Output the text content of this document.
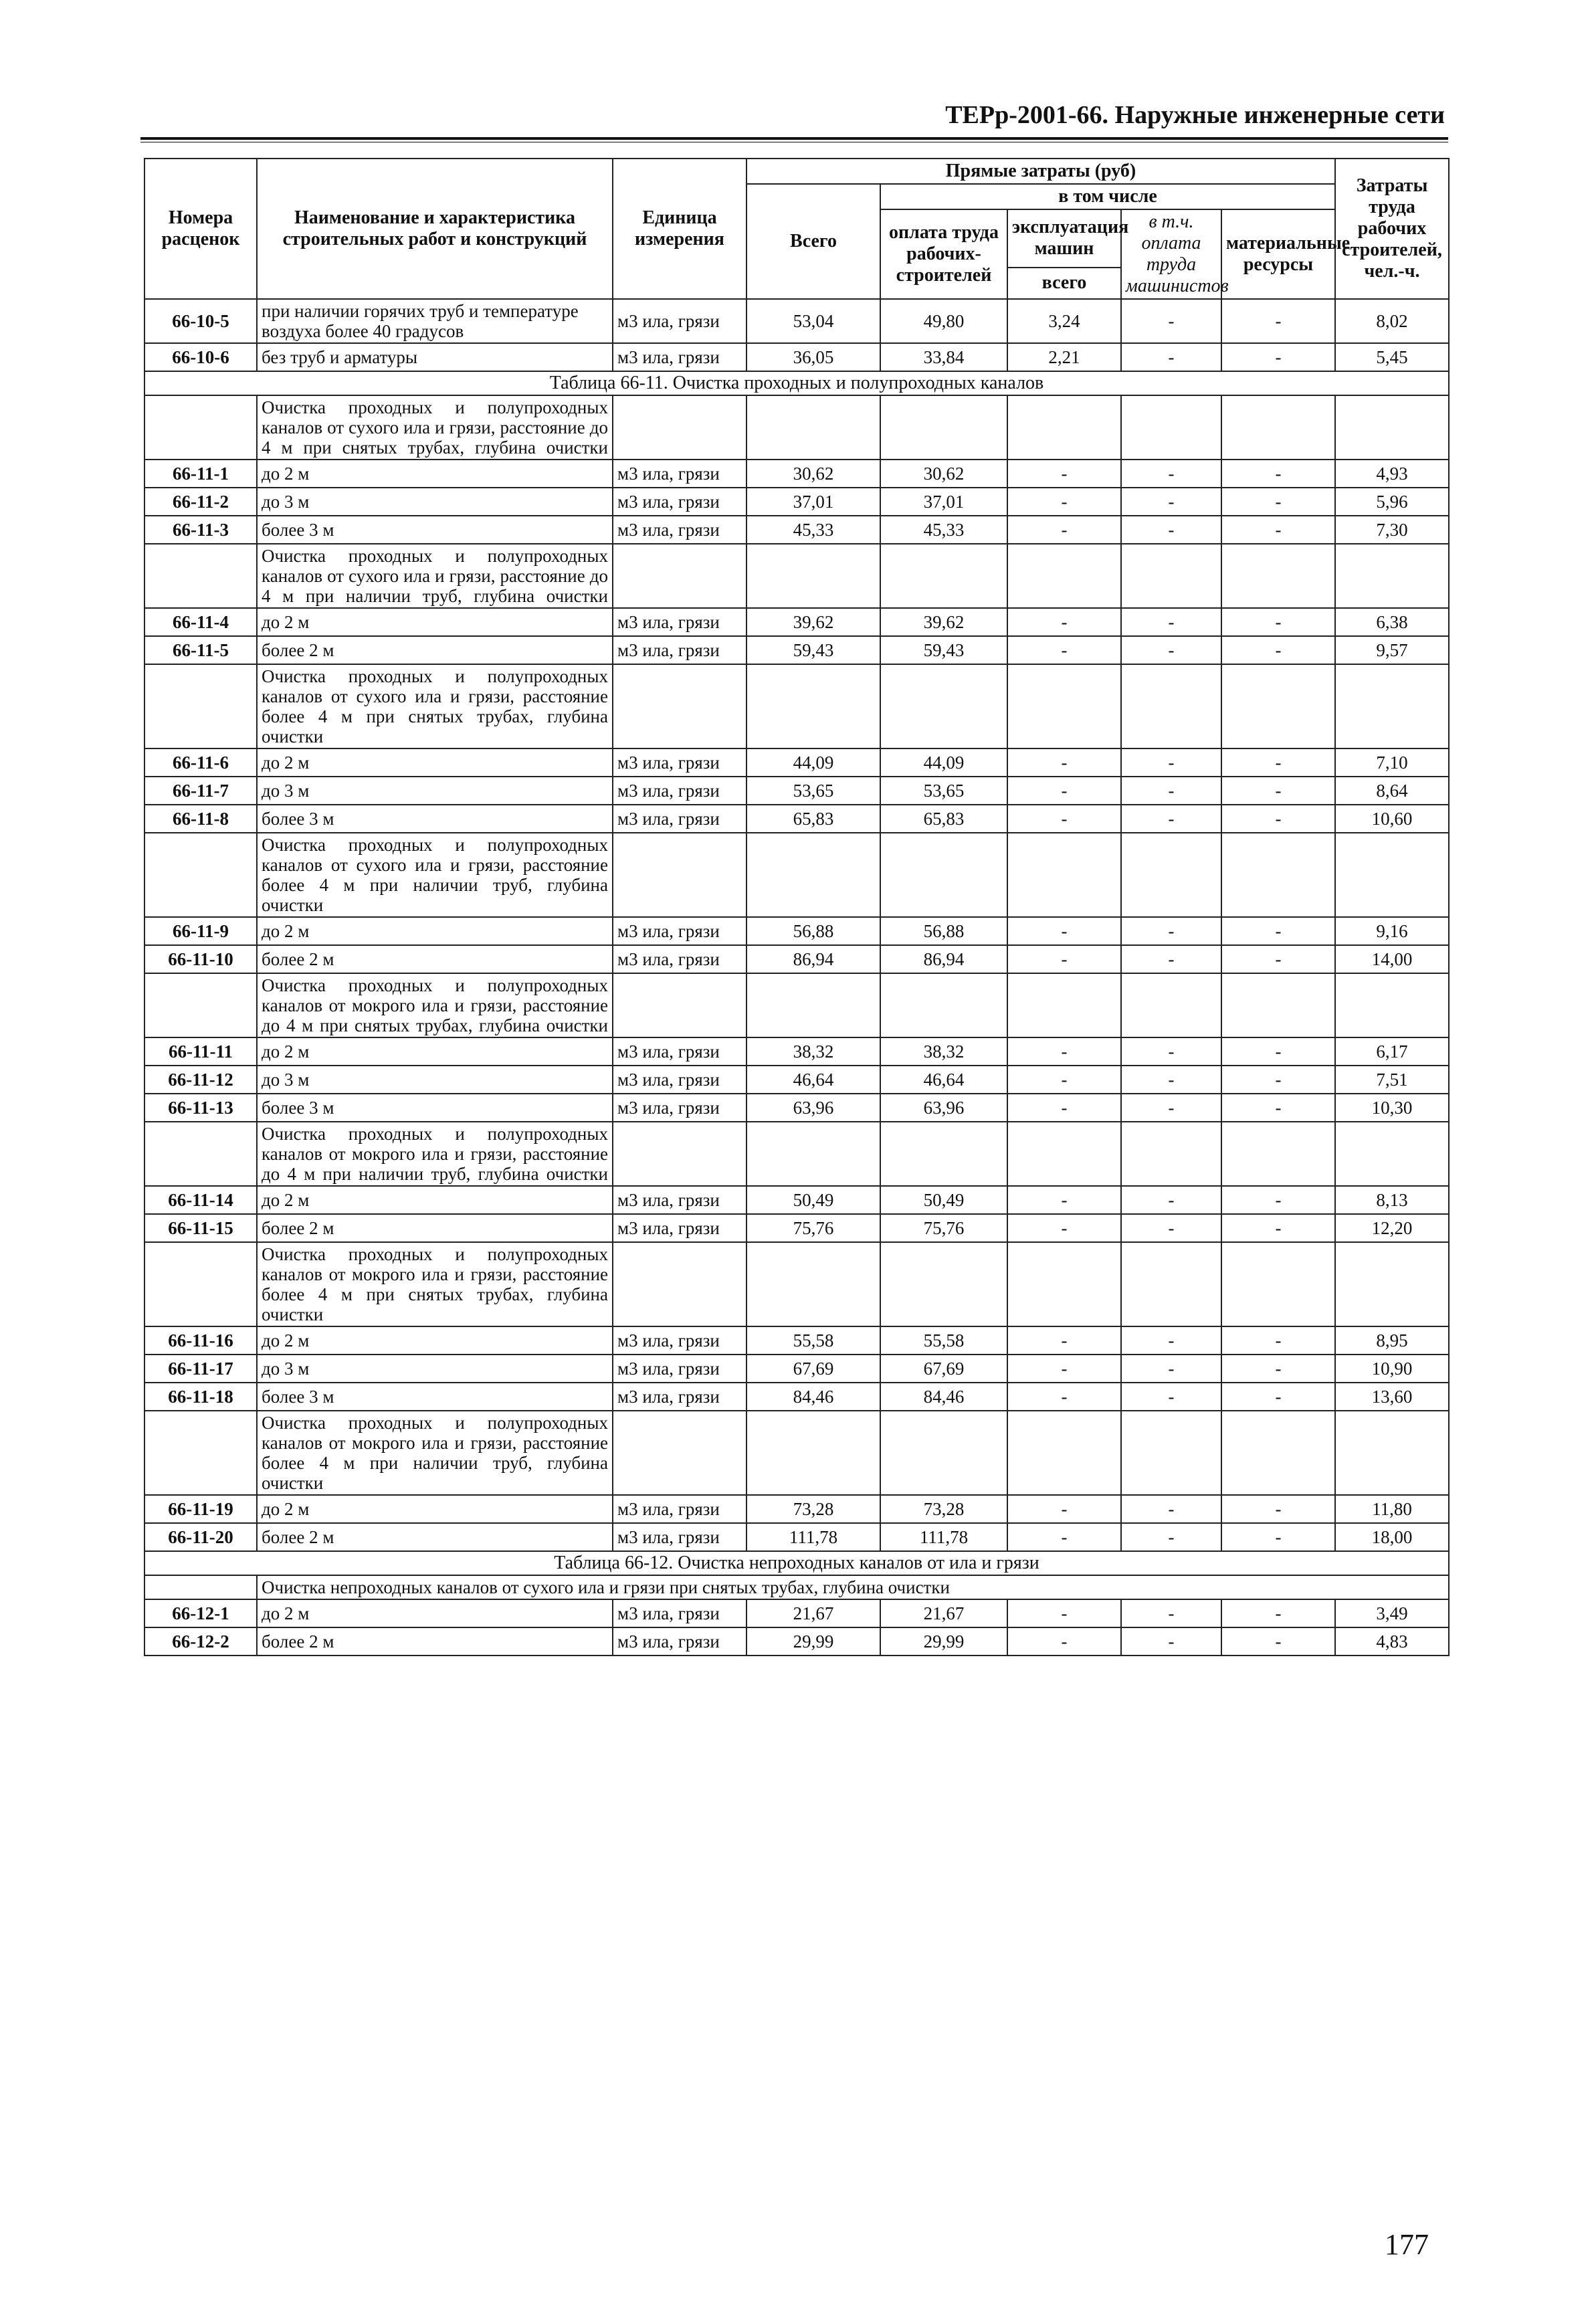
ТЕРр-2001-66. Наружные инженерные сети
Номера расценок	Наименование и характеристика строительных работ и конструкций	Единица измерения	Прямые затраты (руб)					Затраты труда рабочих строителей, чел.-ч.
			Всего	в том числе				
				оплата труда рабочих-строителей	эксплуатация машин	в т.ч. оплата труда машинистов	материальные ресурсы	
					всего			
66-10-5	при наличии горячих труб и температуре воздуха более 40 градусов	м3 ила, грязи	53,04	49,80	3,24	-	-	8,02
66-10-6	без труб и арматуры	м3 ила, грязи	36,05	33,84	2,21	-	-	5,45
Таблица 66-11. Очистка проходных и полупроходных каналов								

	Очистка проходных и полупроходных каналов от сухого ила и грязи, расстояние до 4 м при снятых трубах, глубина очистки							

66-11-1	до 2 м	м3 ила, грязи	30,62	30,62	-	-	-	4,93
66-11-2	до 3 м	м3 ила, грязи	37,01	37,01	-	-	-	5,96
66-11-3	более 3 м	м3 ила, грязи	45,33	45,33	-	-	-	7,30

	Очистка проходных и полупроходных каналов от сухого ила и грязи, расстояние до 4 м при наличии труб, глубина очистки							

66-11-4	до 2 м	м3 ила, грязи	39,62	39,62	-	-	-	6,38
66-11-5	более 2 м	м3 ила, грязи	59,43	59,43	-	-	-	9,57

	Очистка проходных и полупроходных каналов от сухого ила и грязи, расстояние более 4 м при снятых трубах, глубина очистки							

66-11-6	до 2 м	м3 ила, грязи	44,09	44,09	-	-	-	7,10
66-11-7	до 3 м	м3 ила, грязи	53,65	53,65	-	-	-	8,64
66-11-8	более 3 м	м3 ила, грязи	65,83	65,83	-	-	-	10,60

	Очистка проходных и полупроходных каналов от сухого ила и грязи, расстояние более 4 м при наличии труб, глубина очистки							

66-11-9	до 2 м	м3 ила, грязи	56,88	56,88	-	-	-	9,16
66-11-10	более 2 м	м3 ила, грязи	86,94	86,94	-	-	-	14,00

	Очистка проходных и полупроходных каналов от мокрого ила и грязи, расстояние до 4 м при снятых трубах, глубина очистки							

66-11-11	до 2 м	м3 ила, грязи	38,32	38,32	-	-	-	6,17
66-11-12	до 3 м	м3 ила, грязи	46,64	46,64	-	-	-	7,51
66-11-13	более 3 м	м3 ила, грязи	63,96	63,96	-	-	-	10,30

	Очистка проходных и полупроходных каналов от мокрого ила и грязи, расстояние до 4 м при наличии труб, глубина очистки							

66-11-14	до 2 м	м3 ила, грязи	50,49	50,49	-	-	-	8,13
66-11-15	более 2 м	м3 ила, грязи	75,76	75,76	-	-	-	12,20

	Очистка проходных и полупроходных каналов от мокрого ила и грязи, расстояние более 4 м при снятых трубах, глубина очистки							

66-11-16	до 2 м	м3 ила, грязи	55,58	55,58	-	-	-	8,95
66-11-17	до 3 м	м3 ила, грязи	67,69	67,69	-	-	-	10,90
66-11-18	более 3 м	м3 ила, грязи	84,46	84,46	-	-	-	13,60

	Очистка проходных и полупроходных каналов от мокрого ила и грязи, расстояние более 4 м при наличии труб, глубина очистки							

66-11-19	до 2 м	м3 ила, грязи	73,28	73,28	-	-	-	11,80
66-11-20	более 2 м	м3 ила, грязи	111,78	111,78	-	-	-	18,00
Таблица 66-12. Очистка непроходных каналов от ила и грязи								
	Очистка непроходных каналов от сухого ила и грязи при снятых трубах, глубина очистки							
66-12-1	до 2 м	м3 ила, грязи	21,67	21,67	-	-	-	3,49
66-12-2	более 2 м	м3 ила, грязи	29,99	29,99	-	-	-	4,83
177
